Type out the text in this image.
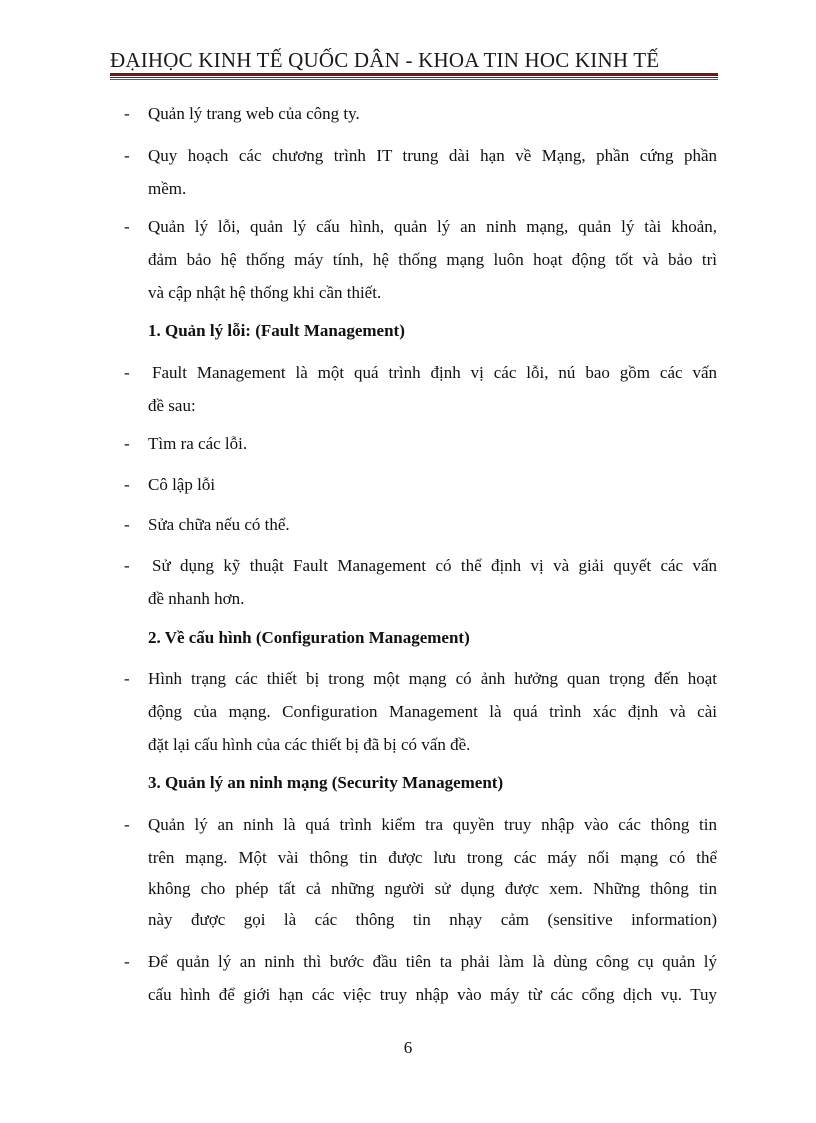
ĐẠIHỌC KINH TẾ QUỐC DÂN - KHOA TIN HOC KINH TẾ
- Quản lý trang web của công ty.
- Quy hoạch các chương trình IT trung dài hạn về Mạng, phần cứng phần
mềm.
- Quản lý lỗi, quản lý cấu hình, quản lý an ninh mạng, quản lý tài khoản,
đảm bảo hệ thống máy tính, hệ thống mạng luôn hoạt động tốt và bảo trì
và cập nhật hệ thống khi cần thiết.
1. Quản lý lỗi: (Fault Management)
- Fault Management là một quá trình định vị các lỗi, nú bao gồm các vấn
đề sau:
- Tìm ra các lỗi.
- Cô lập lỗi
- Sửa chữa nếu có thể.
- Sử dụng kỹ thuật Fault Management có thể định vị và giải quyết các vấn
đề nhanh hơn.
2. Về cấu hình (Configuration Management)
- Hình trạng các thiết bị trong một mạng có ảnh hưởng quan trọng đến hoạt
động của mạng. Configuration Management là quá trình xác định và cài
đặt lại cấu hình của các thiết bị đã bị có vấn đề.
3. Quản lý an ninh mạng (Security Management)
- Quản lý an ninh là quá trình kiểm tra quyền truy nhập vào các thông tin
trên mạng. Một vài thông tin được lưu trong các máy nối mạng có thể
không cho phép tất cả những người sử dụng được xem. Những thông tin
này được gọi là các thông tin nhạy cảm (sensitive information)
- Để quản lý an ninh thì bước đầu tiên ta phải làm là dùng công cụ quản lý
cấu hình để giới hạn các việc truy nhập vào máy từ các cổng dịch vụ. Tuy
6
